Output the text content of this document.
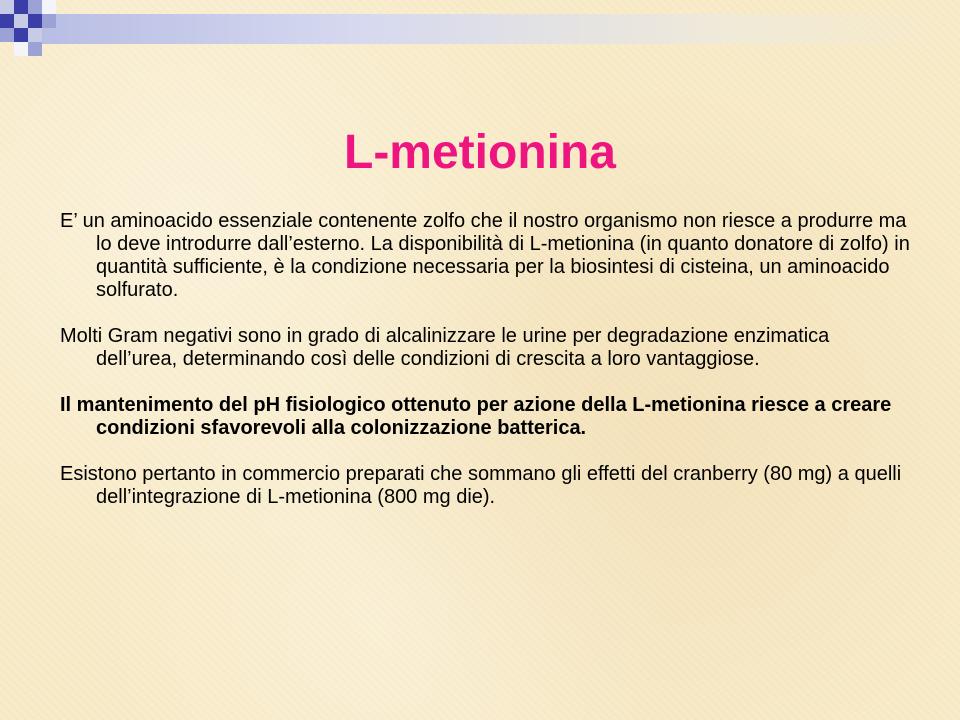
L-metionina

E’ un aminoacido essenziale contenente zolfo che il nostro organismo non riesce a produrre ma lo deve introdurre dall’esterno. La disponibilità di L-metionina (in quanto donatore di zolfo) in quantità sufficiente, è la condizione necessaria per la biosintesi di cisteina, un aminoacido solfurato.

Molti Gram negativi sono in grado di alcalinizzare le urine per degradazione enzimatica dell’urea, determinando così delle condizioni di crescita a loro vantaggiose.

Il mantenimento del pH fisiologico ottenuto per azione della L-metionina riesce a creare condizioni sfavorevoli alla colonizzazione batterica.

Esistono pertanto in commercio preparati che sommano gli effetti del cranberry (80 mg) a quelli dell’integrazione di L-metionina (800 mg die).
